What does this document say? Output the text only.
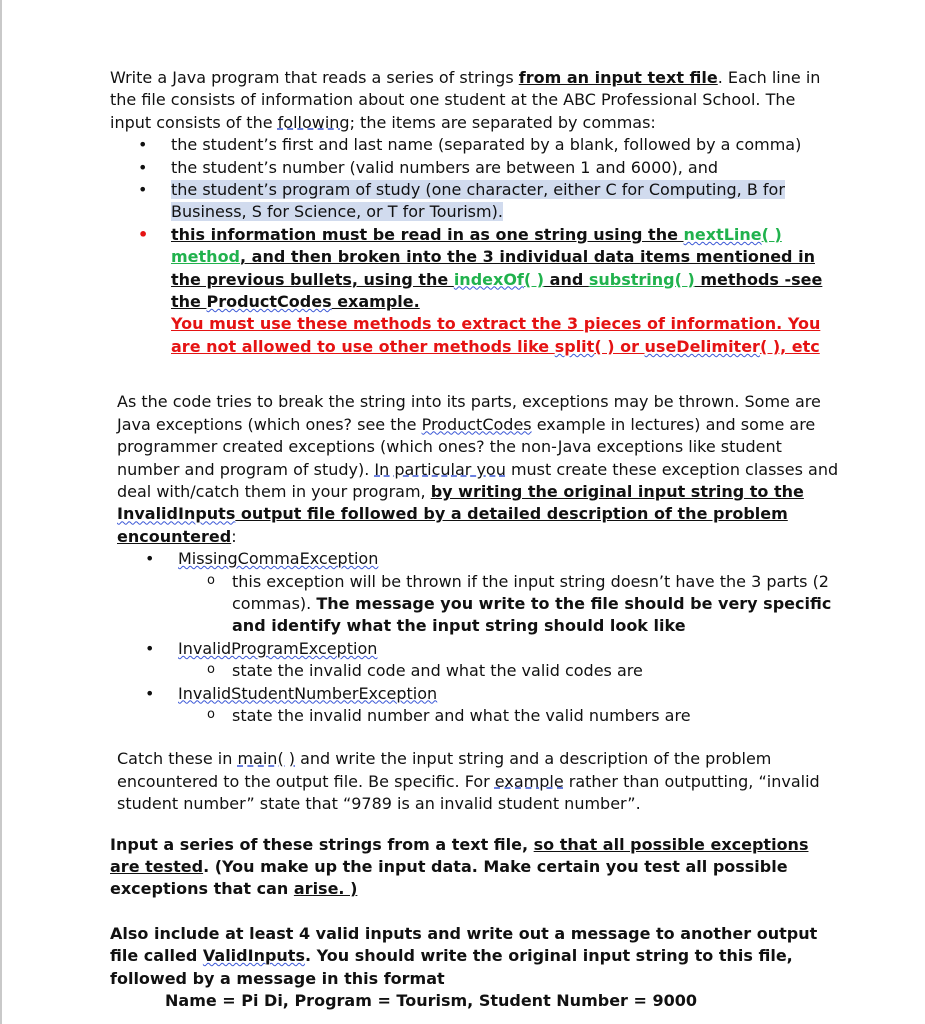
Write a Java program that reads a series of strings from an input text file. Each line in the file consists of information about one student at the ABC Professional School. The input consists of the following; the items are separated by commas:

• the student’s first and last name (separated by a blank, followed by a comma)
• the student’s number (valid numbers are between 1 and 6000), and
• the student’s program of study (one character, either C for Computing, B for Business, S for Science, or T for Tourism).
• this information must be read in as one string using the nextLine( ) method, and then broken into the 3 individual data items mentioned in the previous bullets, using the indexOf( ) and substring( ) methods -see the ProductCodes example.
You must use these methods to extract the 3 pieces of information. You are not allowed to use other methods like split( ) or useDelimiter( ), etc

As the code tries to break the string into its parts, exceptions may be thrown. Some are Java exceptions (which ones? see the ProductCodes example in lectures) and some are programmer created exceptions (which ones? the non-Java exceptions like student number and program of study). In particular you must create these exception classes and deal with/catch them in your program, by writing the original input string to the InvalidInputs output file followed by a detailed description of the problem encountered:

• MissingCommaException
o this exception will be thrown if the input string doesn’t have the 3 parts (2 commas). The message you write to the file should be very specific and identify what the input string should look like
• InvalidProgramException
o state the invalid code and what the valid codes are
• InvalidStudentNumberException
o state the invalid number and what the valid numbers are

Catch these in main( ) and write the input string and a description of the problem encountered to the output file. Be specific. For example rather than outputting, “invalid student number” state that “9789 is an invalid student number”.

Input a series of these strings from a text file, so that all possible exceptions are tested. (You make up the input data. Make certain you test all possible exceptions that can arise. )

Also include at least 4 valid inputs and write out a message to another output file called ValidInputs. You should write the original input string to this file, followed by a message in this format

Name = Pi Di, Program = Tourism, Student Number = 9000
